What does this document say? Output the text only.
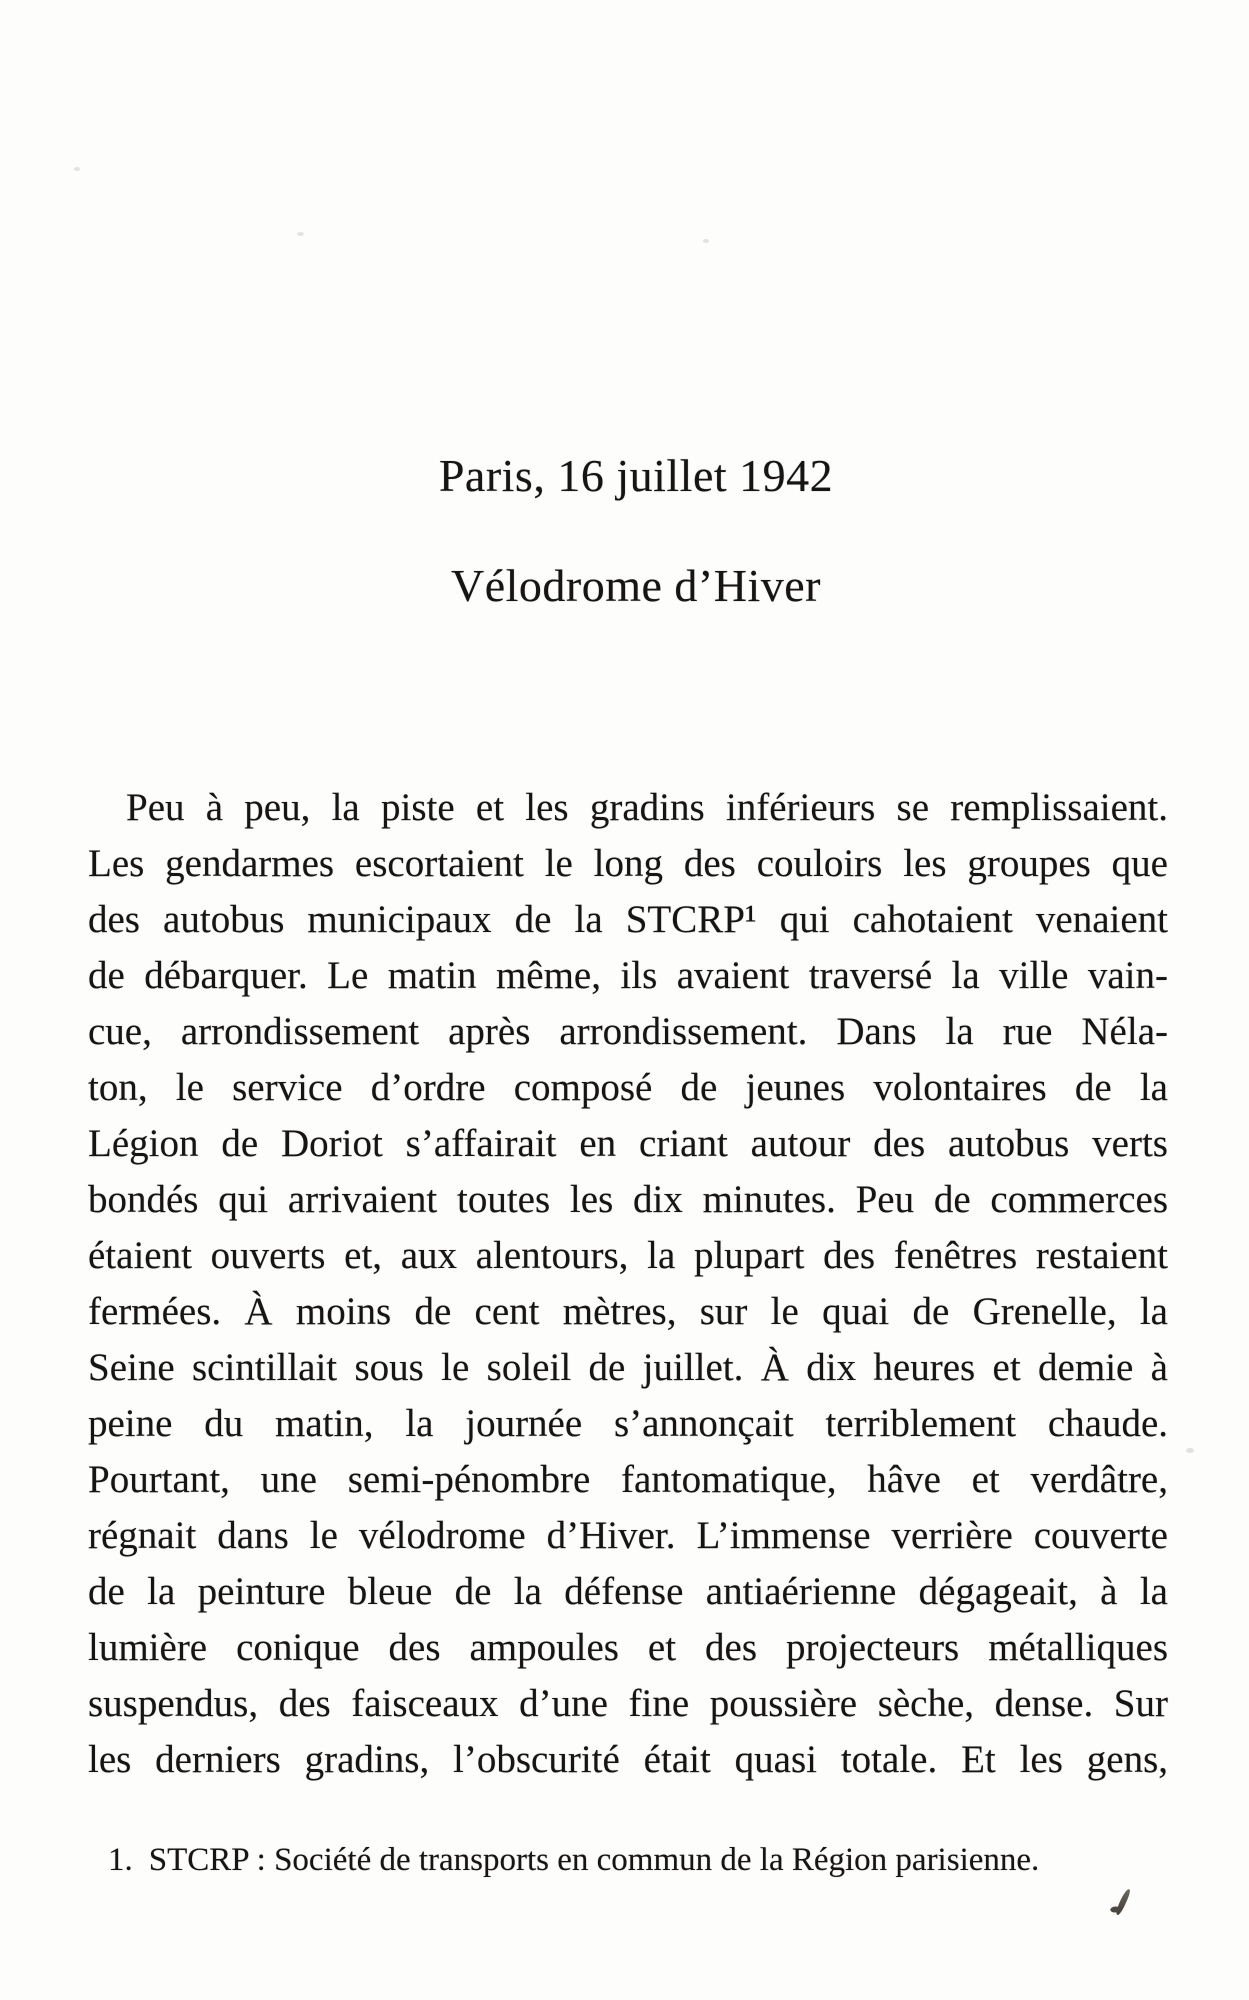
Paris, 16 juillet 1942
Vélodrome d’Hiver
Peu à peu, la piste et les gradins inférieurs se remplissaient.
Les gendarmes escortaient le long des couloirs les groupes que
des autobus municipaux de la STCRP¹ qui cahotaient venaient
de débarquer. Le matin même, ils avaient traversé la ville vain-
cue, arrondissement après arrondissement. Dans la rue Néla-
ton, le service d’ordre composé de jeunes volontaires de la
Légion de Doriot s’affairait en criant autour des autobus verts
bondés qui arrivaient toutes les dix minutes. Peu de commerces
étaient ouverts et, aux alentours, la plupart des fenêtres restaient
fermées. À moins de cent mètres, sur le quai de Grenelle, la
Seine scintillait sous le soleil de juillet. À dix heures et demie à
peine du matin, la journée s’annonçait terriblement chaude.
Pourtant, une semi-pénombre fantomatique, hâve et verdâtre,
régnait dans le vélodrome d’Hiver. L’immense verrière couverte
de la peinture bleue de la défense antiaérienne dégageait, à la
lumière conique des ampoules et des projecteurs métalliques
suspendus, des faisceaux d’une fine poussière sèche, dense. Sur
les derniers gradins, l’obscurité était quasi totale. Et les gens,
1. STCRP : Société de transports en commun de la Région parisienne.
